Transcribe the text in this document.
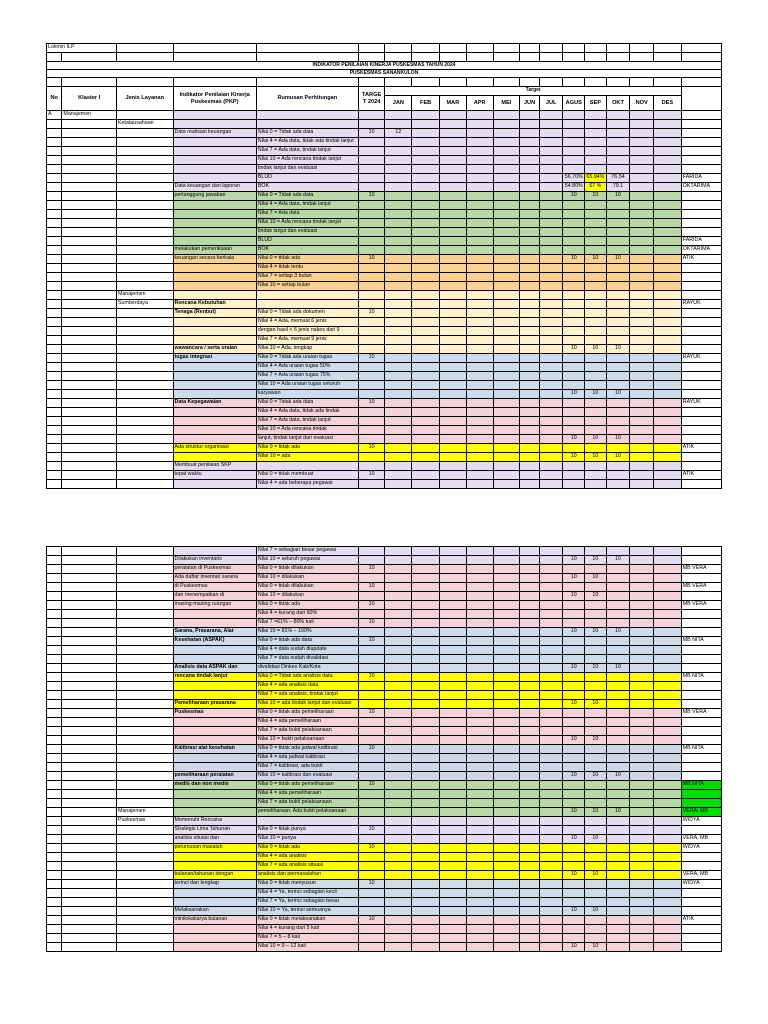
Lokmin ILP																		

INDIKATOR PENILAIAN KINERJA PUSKESMAS TAHUN 2024																		
PUSKESMAS SANANKULON																		

No	Klaster I	Jenis Layanan	Indikator Penilaian Kinerja Puskesmas (PKP)	Rumusan Perhitungan	TARGE T 2024	Target												
						JAN	FEB	MAR	APR	MEI	JUN	JUL	AGUS	SEP	OKT	NOV	DES	
A	Manajemen																	
		Ketatausahaan																
			Data realisasi keuangan	Nilai 0 = Tidak ada data	10	12												
				Nilai 4 = Ada data, tidak ada tindak lanjut														
				Nilai 7 = Ada data, tindak lanjut														
				Nilai 10 = Ada rencana tindak lanjut														
				tindak lanjut dan evaluasi														
				BLUD									56.70%	65.94%	76.54			FARIDA
			Data keuangan dan laporan	BOK									54.80%	67 %	79.1			OKTARIMA
			pertanggung jawaban	Nilai 0 = Tidak ada data	10								10	10	10			
				Nilai 4 = Ada data, tindak lanjut														
				Nilai 7 = Ada data														
				Nilai 10 = Ada rencana tindak lanjut														
				tindak lanjut dan evaluasi														
				BLUD														FARIDA
			melakukan pemeriksaan	BOK														OKTARIMA
			keuangan secara berkala	Nilai 0 = tidak ada	10								10	10	10			ATIK
				Nilai 4 = tidak tentu														
				Nilai 7 = setiap 3 bulan														
				Nilai 10 = setiap bulan														
		Manajemen																
		Sumberdaya	Rencana Kebutuhan															RAYUK
			Tenaga (Renbut)	Nilai 0 = Tidak ada dokumen	10													
				Nilai 4 = Ada, memuat 6 jenis														
				dengan hasil < 6 jenis nakes dari 9														
				Nilai 7 = Ada, memuat 9 jenis														
			wawancara / serta uraian	Nilai 10 = Ada, lengkap									10	10	10			
			tugas integrasi	Nilai 0 = Tidak ada uraian tugas	10													RAYUK
				Nilai 4 = Ada uraian tugas 50%														
				Nilai 7 = Ada uraian tugas 75%														
				Nilai 10 = Ada uraian tugas seluruh														
				karyawan									10	10	10			
			Data Kepegawaian	Nilai 0 = Tidak ada data	10													RAYUK
				Nilai 4 = Ada data, tidak ada tindak														
				Nilai 7 = Ada data, tindak lanjut														
				Nilai 10 = Ada rencana tindak														
				lanjut, tindak lanjut dan evaluasi									10	10	10			
			Ada struktur organisasi	Nilai 0 = tidak ada	10													ATIK
				Nilai 10 = ada									10	10	10			
			Membuat penilaian SKP															
			tepat waktu	Nilai 0 = tidak membuat	10													ATIK
				Nilai 4 = ada beberapa pegawai														
				Nilai 7 = sebagian besar pegawai														
			Dilakukan inventaris	Nilai 10 = seluruh pegawai									10	10	10			
			peralatan di Puskesmas	Nilai 0 = tidak dilakukan	10													MB VERA
			Ada daftar inventari sarana	Nilai 10 = dilakukan									10	10				
			di Puskesmas	Nilai 0 = tidak dilakukan	10													MB VERA
			dan menempatkan di	Nilai 10 = dilakukan									10	10				
			masing-masing ruangan	Nilai 0 = tidak ada	10													MB VERA
				Nilai 4 = kurang dari 60%														
				Nilai 7 =61% – 80% kali	10													
			Sarana, Prasarana, Alat	Nilai 10 = 81% – 100%									10	10	10			
			Kesehatan (ASPAK)	Nilai 0 = tidak ada data	10													MB NITA
				Nilai 4 = data sudah diupdate														
				Nilai 7 = data sudah divalidasi														
			Analisis data ASPAK dan	divalidasi Dinkes Kab/Kota									10	10	10			
			rencana tindak lanjut	Nilai 0 = Tidak ada analisis data	10													MB NITA
				Nilai 4 = ada analisis data														
				Nilai 7 = ada analisis, tindak lanjut														
			Pemeliharaan prasarana	Nilai 10 = ada tindak lanjut dan evaluasi									10	10				
			Puskesmas	Nilai 0 = tidak ada pemeliharaan	10													MB VERA
				Nilai 4 = ada pemeliharaan														
				Nilai 7 = ada bukti pelaksanaan														
				Nilai 10 = bukti pelaksanaan									10	10				
			Kalibrasi alat kesehatan	Nilai 0 = tidak ada jadwal kalibrasi	10													MB NITA
				Nilai 4 = ada jadwal kalibrasi														
				Nilai 7 = kalibrasi, ada bukti														
			pemeliharaan peralatan	Nilai 10 = kalibrasi dan evaluasi									10	10	10			
			medis dan non medis	Nilai 0 = tidak ada pemeliharaan	10													MB NITA
				Nilai 4 = ada pemeliharaan														
				Nilai 7 = ada bukti pelaksanaan														
		Manajemen		pemeliharaan. Ada bukti pelaksanaan									10	10	10			VERA, MB
		Puskesmas	Memenuhi Rencana															WIDYA
			Strategis Lima Tahunan	Nilai 0 = tidak punya	10													
			analisis situasi dan	Nilai 10 = punya									10	10				VERA, MB
			perumusan masalah	Nilai 0 = tidak ada	10													WIDYA
				Nilai 4 = ada analisis														
				Nilai 7 = ada analisis situasi														
			bulanan/tahunan dengan	analisis dan permasalahan									10	10				VERA, MB
			terinci dan lengkap	Nilai 0 = tidak menyusun	10													WIDYA
				Nilai 4 = Ya, terinci sebagian kecil														
				Nilai 7 = Ya, terinci sebagian besar														
			Melaksanakan	Nilai 10 = Ya, terinci semuanya									10	10				
			minilokakarya bulanan	Nilai 0 = tidak melaksanakan	10													ATIK
				Nilai 4 = kurang dari 5 kali														
				Nilai 7 = 5 – 8 kali														
				Nilai 10 = 9 – 12 kali									10	10				
